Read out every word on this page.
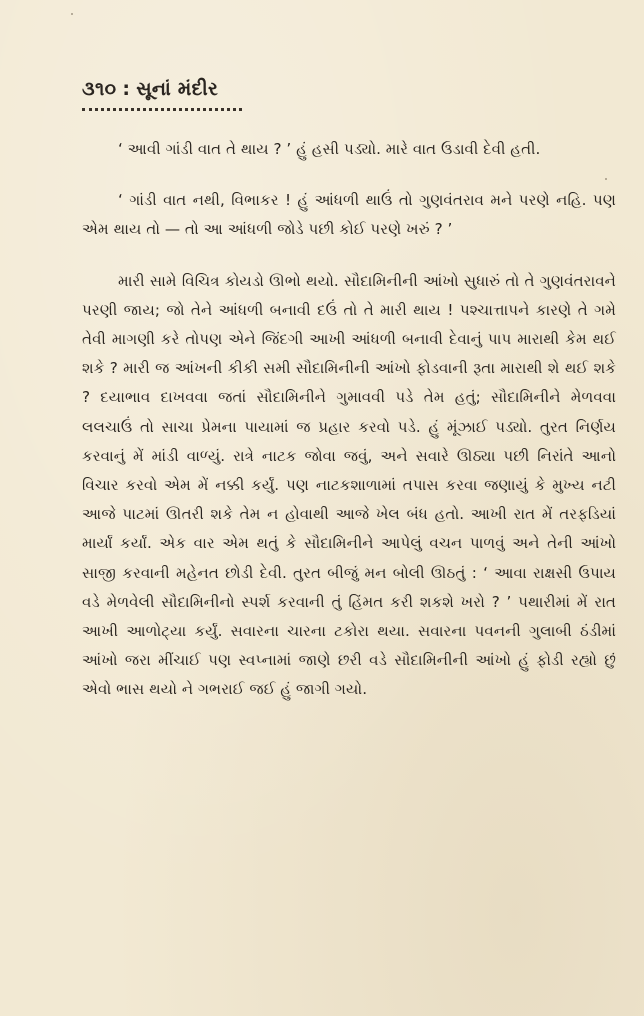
૩૧૦ : સૂનાં મંદીર

‘ આવી ગાંડી વાત તે થાય ? ’ હું હસી પડ્યો. મારે વાત ઉડાવી દેવી હતી.

‘ ગાંડી વાત નથી, વિભાકર ! હું આંધળી થાઉં તો ગુણવંતરાવ મને પરણે નહિ. પણ એમ થાય તો — તો આ આંધળી જોડે પછી કોઈ પરણે ખરું ? ’

મારી સામે વિચિત્ર કોયડો ઊભો થયો. સૌદામિનીની આંખો સુધારું તો તે ગુણવંતરાવને પરણી જાય; જો તેને આંધળી બનાવી દઉં તો તે મારી થાય ! પશ્ચાત્તાપને કારણે તે ગમે તેવી માગણી કરે તોપણ એને જિંદગી આખી આંધળી બનાવી દેવાનું પાપ મારાથી કેમ થઈ શકે ? મારી જ આંખની કીકી સમી સૌદામિનીની આંખો ફોડવાની રૂતા મારાથી શે થઈ શકે ? દયાભાવ દાખવવા જતાં સૌદામિનીને ગુમાવવી પડે તેમ હતું; સૌદામિનીને મેળવવા લલચાઉં તો સાચા પ્રેમના પાયામાં જ પ્રહાર કરવો પડે. હું મૂંઝાઈ પડ્યો. તુરત નિર્ણય કરવાનું મેં માંડી વાળ્યું. રાત્રે નાટક જોવા જવું, અને સવારે ઊઠ્યા પછી નિરાંતે આનો વિચાર કરવો એમ મેં નક્કી કર્યું. પણ નાટકશાળામાં તપાસ કરવા જણાયું કે મુખ્ય નટી આજે પાટમાં ઊતરી શકે તેમ ન હોવાથી આજે ખેલ બંધ હતો. આખી રાત મેં તરફડિયાં માર્યાં કર્યાં. એક વાર એમ થતું કે સૌદામિનીને આપેલું વચન પાળવું અને તેની આંખો સાજી કરવાની મહેનત છોડી દેવી. તુરત બીજું મન બોલી ઊઠતું : ‘ આવા રાક્ષસી ઉપાય વડે મેળવેલી સૌદામિનીનો સ્પર્શ કરવાની તું હિંમત કરી શકશે ખરો ? ’ પથારીમાં મેં રાત આખી આળોટ્યા કર્યું. સવારના ચારના ટકોરા થયા. સવારના પવનની ગુલાબી ઠંડીમાં આંખો જરા મીંચાઈ પણ સ્વપ્નામાં જાણે છરી વડે સૌદામિનીની આંખો હું ફોડી રહ્યો છું એવો ભાસ થયો ને ગભરાઈ જઈ હું જાગી ગયો.
